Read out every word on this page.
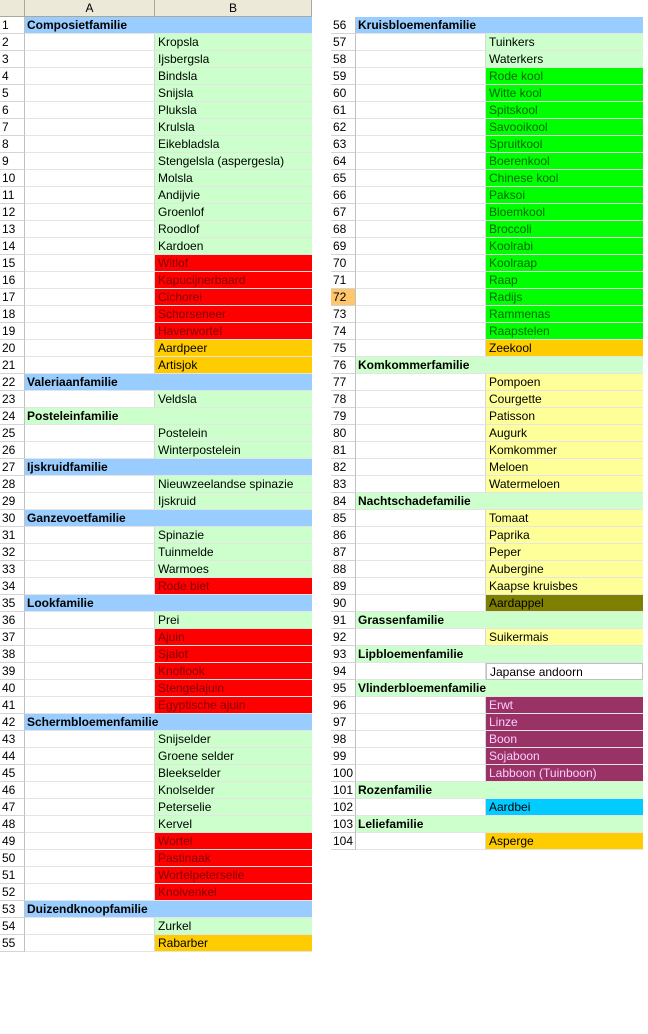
A	B
1	Composietfamilie
2	Kropsla
3	Ijsbergsla
4	Bindsla
5	Snijsla
6	Pluksla
7	Krulsla
8	Eikebladsla
9	Stengelsla (aspergesla)
10	Molsla
11	Andijvie
12	Groenlof
13	Roodlof
14	Kardoen
15	Witlof
16	Kapucijnerbaard
17	Cichorei
18	Schorseneer
19	Haverwortel
20	Aardpeer
21	Artisjok
22 Valeriaanfamilie
23	Veldsla
24 Posteleinfamilie
25	Postelein
26	Winterpostelein
27 Ijskruidfamilie
28	Nieuwzeelandse spinazie
29	Ijskruid
30 Ganzevoetfamilie
31	Spinazie
32	Tuinmelde
33	Warmoes
34	Rode biet
35 Lookfamilie
36	Prei
37	Ajuin
38	Sjalot
39	Knoflook
40	Stengelajuin
41	Egyptische ajuin
42 Schermbloemenfamilie
43	Snijselder
44	Groene selder
45	Bleekselder
46	Knolselder
47	Peterselie
48	Kervel
49	Wortel
50	Pastinaak
51	Wortelpeterselie
52	Knolvenkel
53 Duizendknoopfamilie
54	Zurkel
55	Rabarber
56 Kruisbloemenfamilie
57	Tuinkers
58	Waterkers
59	Rode kool
60	Witte kool
61	Spitskool
62	Savooikool
63	Spruitkool
64	Boerenkool
65	Chinese kool
66	Paksoi
67	Bloemkool
68	Broccoli
69	Koolrabi
70	Koolraap
71	Raap
72	Radijs
73	Rammenas
74	Raapstelen
75	Zeekool
76 Komkommerfamilie
77	Pompoen
78	Courgette
79	Patisson
80	Augurk
81	Komkommer
82	Meloen
83	Watermeloen
84 Nachtschadefamilie
85	Tomaat
86	Paprika
87	Peper
88	Aubergine
89	Kaapse kruisbes
90	Aardappel
91 Grassenfamilie
92	Suikermais
93 Lipbloemenfamilie
94	Japanse andoorn
95 Vlinderbloemenfamilie
96	Erwt
97	Linze
98	Boon
99	Sojaboon
100	Labboon (Tuinboon)
101 Rozenfamilie
102	Aardbei
103 Leliefamilie
104	Asperge
